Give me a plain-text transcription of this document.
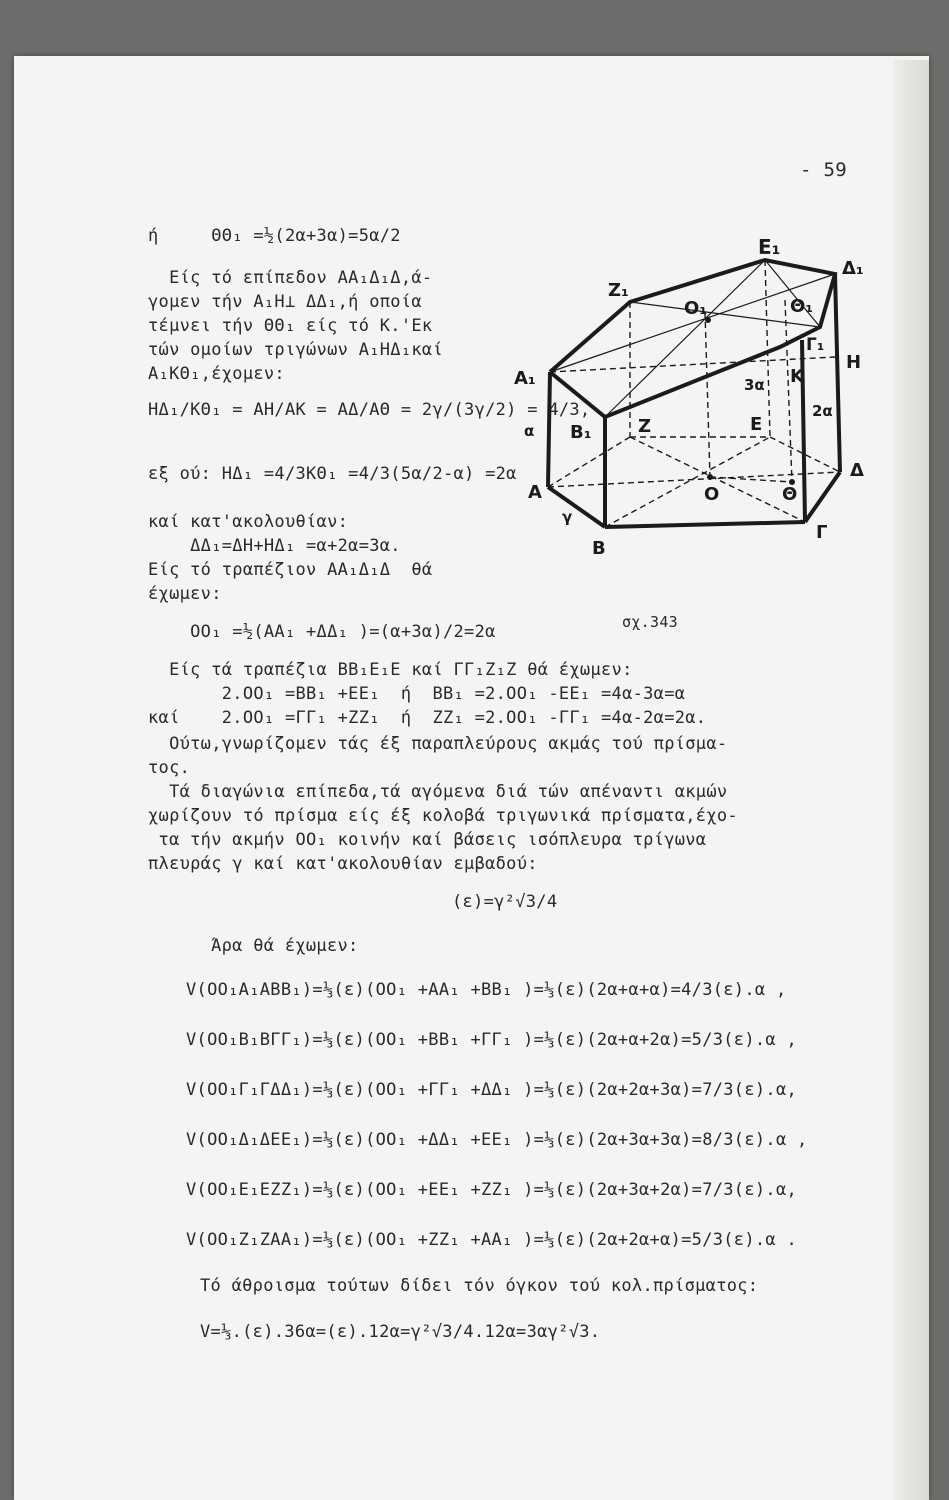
- 59
ή     ΘΘ₁ =½(2α+3α)=5α/2
Είς τό επίπεδον ΑΑ₁Δ₁Δ,ά-
γομεν τήν Α₁Η⊥ ΔΔ₁,ή οποία
τέμνει τήν ΘΘ₁ είς τό Κ.'Εκ
τών ομοίων τριγώνων Α₁ΗΔ₁καί
Α₁ΚΘ₁,έχομεν:
ΗΔ₁/ΚΘ₁ = ΑΗ/ΑΚ = ΑΔ/ΑΘ = 2γ/(3γ/2) = 4/3,
εξ ού: ΗΔ₁ =4/3ΚΘ₁ =4/3(5α/2-α) =2α
καί κατ'ακολουθίαν:
ΔΔ₁=ΔΗ+ΗΔ₁ =α+2α=3α.
Είς τό τραπέζιον ΑΑ₁Δ₁Δ  θά
έχωμεν:
ΟΟ₁ =½(ΑΑ₁ +ΔΔ₁ )=(α+3α)/2=2α
Είς τά τραπέζια ΒΒ₁Ε₁Ε καί ΓΓ₁Ζ₁Ζ θά έχωμεν:
2.ΟΟ₁ =ΒΒ₁ +ΕΕ₁  ή  ΒΒ₁ =2.ΟΟ₁ -ΕΕ₁ =4α-3α=α
καί    2.ΟΟ₁ =ΓΓ₁ +ΖΖ₁  ή  ΖΖ₁ =2.ΟΟ₁ -ΓΓ₁ =4α-2α=2α.
Ούτω,γνωρίζομεν τάς έξ παραπλεύρους ακμάς τού πρίσμα-
τος.
Τά διαγώνια επίπεδα,τά αγόμενα διά τών απέναντι ακμών
χωρίζουν τό πρίσμα είς έξ κολοβά τριγωνικά πρίσματα,έχο-
τα τήν ακμήν ΟΟ₁ κοινήν καί βάσεις ισόπλευρα τρίγωνα
πλευράς γ καί κατ'ακολουθίαν εμβαδού:
(ε)=γ²√3/4
Άρα θά έχωμεν:
V(ΟΟ₁Α₁ΑΒΒ₁)=⅓(ε)(ΟΟ₁ +ΑΑ₁ +ΒΒ₁ )=⅓(ε)(2α+α+α)=4/3(ε).α ,
V(ΟΟ₁Β₁ΒΓΓ₁)=⅓(ε)(ΟΟ₁ +ΒΒ₁ +ΓΓ₁ )=⅓(ε)(2α+α+2α)=5/3(ε).α ,
V(ΟΟ₁Γ₁ΓΔΔ₁)=⅓(ε)(ΟΟ₁ +ΓΓ₁ +ΔΔ₁ )=⅓(ε)(2α+2α+3α)=7/3(ε).α,
V(ΟΟ₁Δ₁ΔΕΕ₁)=⅓(ε)(ΟΟ₁ +ΔΔ₁ +ΕΕ₁ )=⅓(ε)(2α+3α+3α)=8/3(ε).α ,
V(ΟΟ₁Ε₁ΕΖΖ₁)=⅓(ε)(ΟΟ₁ +ΕΕ₁ +ΖΖ₁ )=⅓(ε)(2α+3α+2α)=7/3(ε).α,
V(ΟΟ₁Ζ₁ΖΑΑ₁)=⅓(ε)(ΟΟ₁ +ΖΖ₁ +ΑΑ₁ )=⅓(ε)(2α+2α+α)=5/3(ε).α .
Τό άθροισμα τούτων δίδει τόν όγκον τού κολ.πρίσματος:
V=⅓.(ε).36α=(ε).12α=γ²√3/4.12α=3αγ²√3.
Ε₁
Δ₁
Ζ₁
Ο₁	Θ₁
Γ₁
Η
Α₁	Κ
3α
2α
α Β₁	Ζ	Ε
Δ
Α	Ο	Θ
γ
Β
Γ
σχ.343
